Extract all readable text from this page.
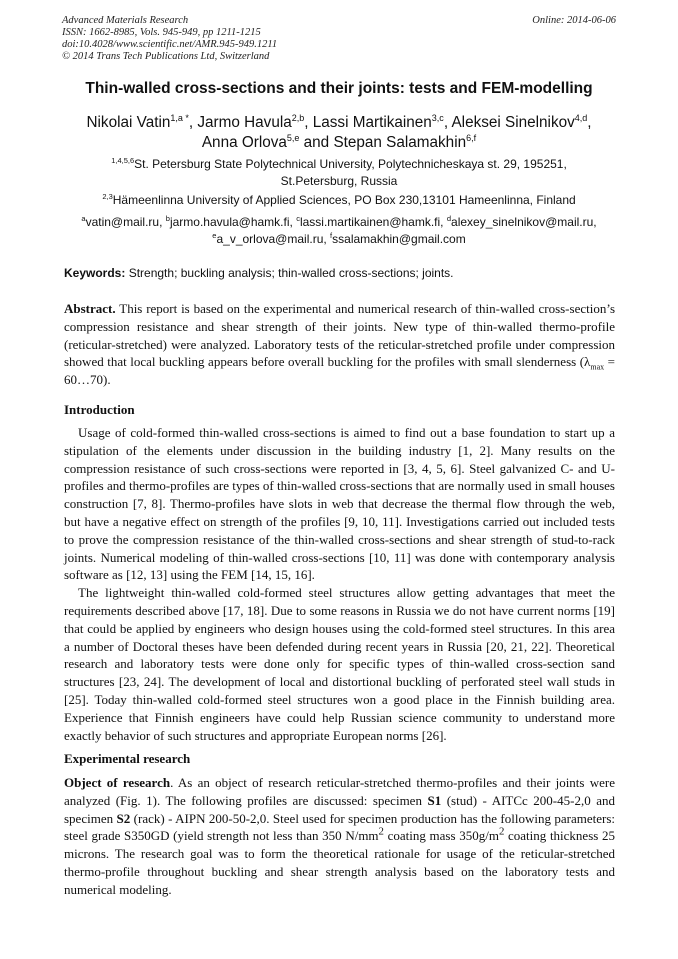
Advanced Materials Research
ISSN: 1662-8985, Vols. 945-949, pp 1211-1215
doi:10.4028/www.scientific.net/AMR.945-949.1211
© 2014 Trans Tech Publications Ltd, Switzerland
Online: 2014-06-06
Thin-walled cross-sections and their joints: tests and FEM-modelling
Nikolai Vatin$^{1,a *}$, Jarmo Havula$^{2,b}$, Lassi Martikainen$^{3,c}$, Aleksei Sinelnikov$^{4,d}$,
Anna Orlova$^{5,e}$ and Stepan Salamakhin$^{6,f}$
$^{1,4,5,6}$St. Petersburg State Polytechnical University, Polytechnicheskaya st. 29, 195251,
St.Petersburg, Russia
$^{2,3}$Hämeenlinna University of Applied Sciences, PO Box 230,13101 Hameenlinna, Finland
$^a$vatin@mail.ru, $^b$jarmo.havula@hamk.fi, $^c$lassi.martikainen@hamk.fi, $^d$alexey_sinelnikov@mail.ru,
$^e$a_v_orlova@mail.ru, $^f$ssalamakhin@gmail.com
Keywords: Strength; buckling analysis; thin-walled cross-sections; joints.

Abstract. This report is based on the experimental and numerical research of thin-walled cross-section’s compression resistance and shear strength of their joints. New type of thin-walled thermo-profile (reticular-stretched) were analyzed. Laboratory tests of the reticular-stretched profile under compression showed that local buckling appears before overall buckling for the profiles with small slenderness ($\lambda_{max}$ = 60…70).

Introduction

Usage of cold-formed thin-walled cross-sections is aimed to find out a base foundation to start up a stipulation of the elements under discussion in the building industry [1, 2]. Many results on the compression resistance of such cross-sections were reported in [3, 4, 5, 6]. Steel galvanized C- and U-profiles and thermo-profiles are types of thin-walled cross-sections that are normally used in small houses construction [7, 8]. Thermo-profiles have slots in web that decrease the thermal flow through the web, but have a negative effect on strength of the profiles [9, 10, 11]. Investigations carried out included tests to prove the compression resistance of the thin-walled cross-sections and shear strength of stud-to-rack joints. Numerical modeling of thin-walled cross-sections [10, 11] was done with contemporary analysis software as [12, 13] using the FEM [14, 15, 16].

The lightweight thin-walled cold-formed steel structures allow getting advantages that meet the requirements described above [17, 18]. Due to some reasons in Russia we do not have current norms [19] that could be applied by engineers who design houses using the cold-formed steel structures. In this area a number of Doctoral theses have been defended during recent years in Russia [20, 21, 22]. Theoretical research and laboratory tests were done only for specific types of thin-walled cross-section sand structures [23, 24]. The development of local and distortional buckling of perforated steel wall studs in [25]. Today thin-walled cold-formed steel structures won a good place in the Finnish building area. Experience that Finnish engineers have could help Russian science community to understand more exactly behavior of such structures and appropriate European norms [26].

Experimental research

Object of research. As an object of research reticular-stretched thermo-profiles and their joints were analyzed (Fig. 1). The following profiles are discussed: specimen S1 (stud) - AITCc 200-45-2,0 and specimen S2 (rack) - AIPN 200-50-2,0. Steel used for specimen production has the following parameters: steel grade S350GD (yield strength not less than 350 $N/mm^2$ coating mass $350g/m^2$ coating thickness 25 microns. The research goal was to form the theoretical rationale for usage of the reticular-stretched thermo-profile throughout buckling and shear strength analysis based on the laboratory tests and numerical modeling.
